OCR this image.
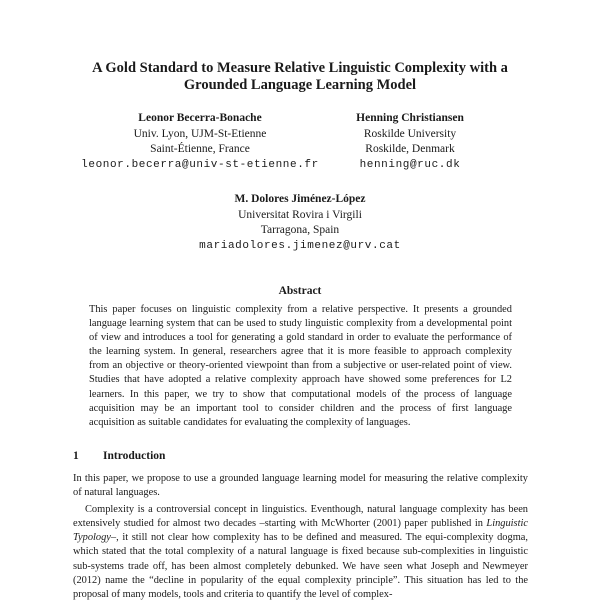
A Gold Standard to Measure Relative Linguistic Complexity with a
Grounded Language Learning Model
Leonor Becerra-Bonache
Univ. Lyon, UJM-St-Etienne
Saint-Étienne, France
leonor.becerra@univ-st-etienne.fr
Henning Christiansen
Roskilde University
Roskilde, Denmark
henning@ruc.dk
M. Dolores Jiménez-López
Universitat Rovira i Virgili
Tarragona, Spain
mariadolores.jimenez@urv.cat
Abstract

This paper focuses on linguistic complexity from a relative perspective. It presents a grounded language learning system that can be used to study linguistic complexity from a developmental point of view and introduces a tool for generating a gold standard in order to evaluate the performance of the learning system. In general, researchers agree that it is more feasible to approach complexity from an objective or theory-oriented viewpoint than from a subjective or user-related point of view. Studies that have adopted a relative complexity approach have showed some preferences for L2 learners. In this paper, we try to show that computational models of the process of language acquisition may be an important tool to consider children and the process of first language acquisition as suitable candidates for evaluating the complexity of languages.

1 Introduction

In this paper, we propose to use a grounded language learning model for measuring the relative complexity of natural languages.

Complexity is a controversial concept in linguistics. Eventhough, natural language complexity has been extensively studied for almost two decades –starting with McWhorter (2001) paper published in Linguistic Typology–, it still not clear how complexity has to be defined and measured. The equi-complexity dogma, which stated that the total complexity of a natural language is fixed because sub-complexities in linguistic sub-systems trade off, has been almost completely debunked. We have seen what Joseph and Newmeyer (2012) name the “decline in popularity of the equal complexity principle”. This situation has led to the proposal of many models, tools and criteria to quantify the level of complex-
